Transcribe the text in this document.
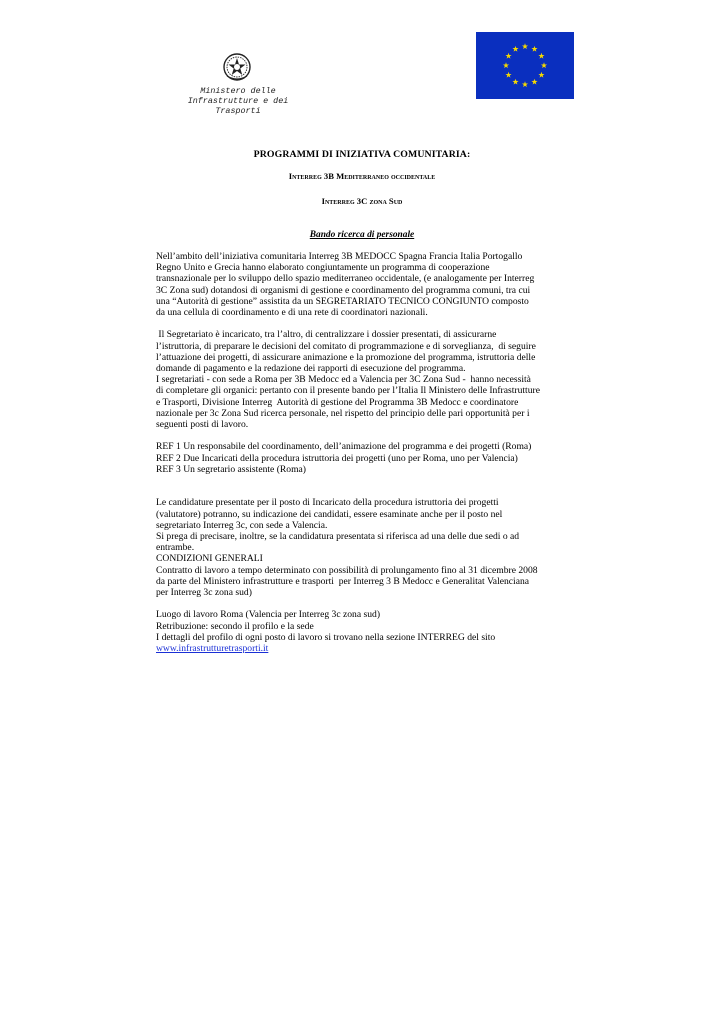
Ministero delle
Infrastrutture e dei
Trasporti
PROGRAMMI DI INIZIATIVA COMUNITARIA:
Interreg 3B Mediterraneo occidentale
Interreg 3C zona Sud
Bando ricerca di personale

Nell’ambito dell’iniziativa comunitaria Interreg 3B MEDOCC Spagna Francia Italia Portogallo

Regno Unito e Grecia hanno elaborato congiuntamente un programma di cooperazione

transnazionale per lo sviluppo dello spazio mediterraneo occidentale, (e analogamente per Interreg

3C Zona sud) dotandosi di organismi di gestione e coordinamento del programma comuni, tra cui

una “Autorità di gestione” assistita da un SEGRETARIATO TECNICO CONGIUNTO composto

da una cellula di coordinamento e di una rete di coordinatori nazionali.

Il Segretariato è incaricato, tra l’altro, di centralizzare i dossier presentati, di assicurarne

l’istruttoria, di preparare le decisioni del comitato di programmazione e di sorveglianza,  di seguire

l’attuazione dei progetti, di assicurare animazione e la promozione del programma, istruttoria delle

domande di pagamento e la redazione dei rapporti di esecuzione del programma.

I segretariati - con sede a Roma per 3B Medocc ed a Valencia per 3C Zona Sud -  hanno necessità

di completare gli organici: pertanto con il presente bando per l’Italia Il Ministero delle Infrastrutture

e Trasporti, Divisione Interreg  Autorità di gestione del Programma 3B Medocc e coordinatore

nazionale per 3c Zona Sud ricerca personale, nel rispetto del principio delle pari opportunità per i

seguenti posti di lavoro.

REF 1 Un responsabile del coordinamento, dell’animazione del programma e dei progetti (Roma)

REF 2 Due Incaricati della procedura istruttoria dei progetti (uno per Roma, uno per Valencia)

REF 3 Un segretario assistente (Roma)

Le candidature presentate per il posto di Incaricato della procedura istruttoria dei progetti

(valutatore) potranno, su indicazione dei candidati, essere esaminate anche per il posto nel

segretariato Interreg 3c, con sede a Valencia.

Si prega di precisare, inoltre, se la candidatura presentata si riferisca ad una delle due sedi o ad

entrambe.

CONDIZIONI GENERALI

Contratto di lavoro a tempo determinato con possibilità di prolungamento fino al 31 dicembre 2008

da parte del Ministero infrastrutture e trasporti  per Interreg 3 B Medocc e Generalitat Valenciana

per Interreg 3c zona sud)

Luogo di lavoro Roma (Valencia per Interreg 3c zona sud)

Retribuzione: secondo il profilo e la sede

I dettagli del profilo di ogni posto di lavoro si trovano nella sezione INTERREG del sito

www.infrastrutturetrasporti.it
